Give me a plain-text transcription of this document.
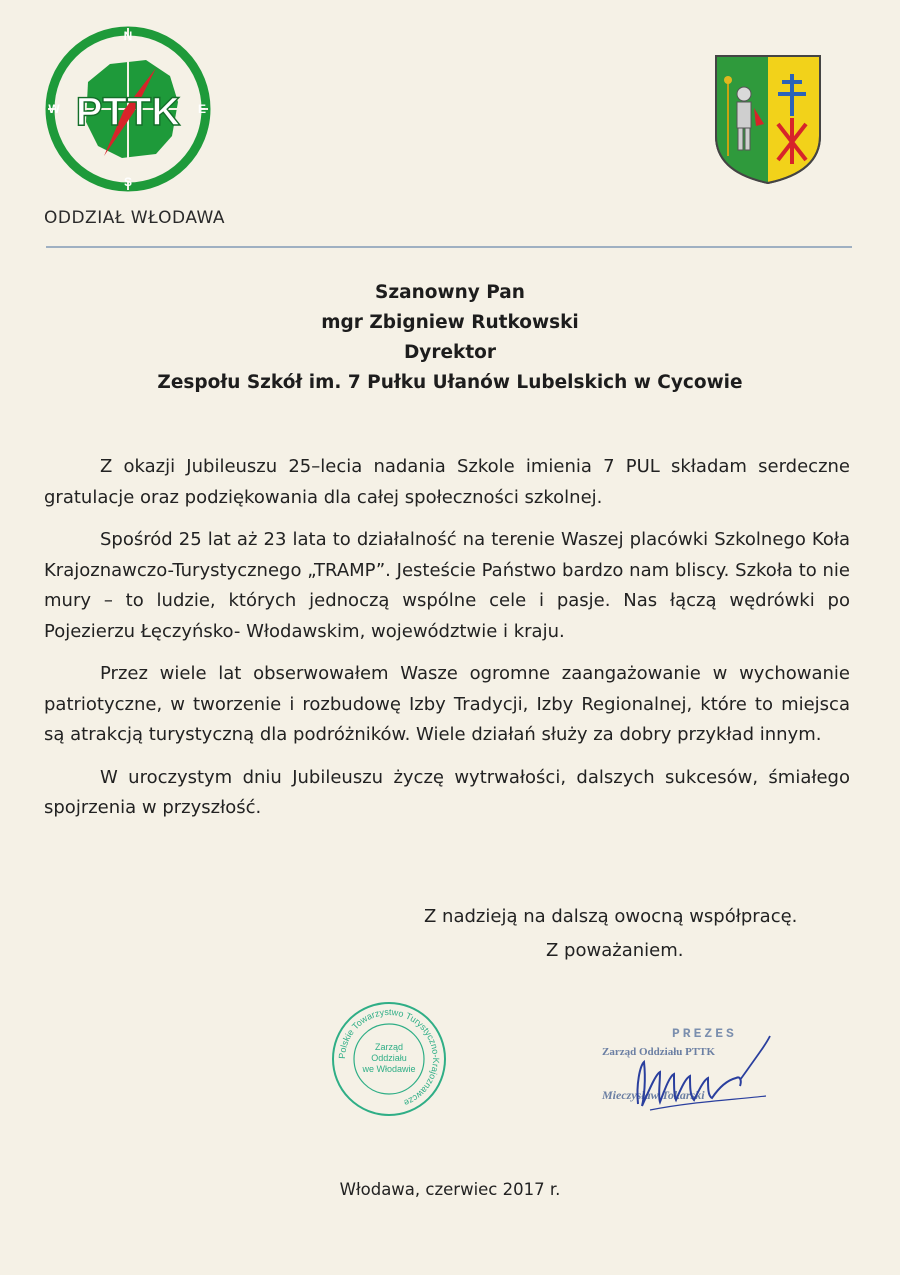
N
S
W	E
PTTK
ODDZIAŁ WŁODAWA
Szanowny Pan
mgr Zbigniew Rutkowski
Dyrektor
Zespołu Szkół im. 7 Pułku Ułanów Lubelskich w Cycowie

Z okazji Jubileuszu 25–lecia nadania Szkole imienia 7 PUL składam serdeczne gratulacje oraz podziękowania dla całej społeczności szkolnej.

Spośród 25 lat aż 23 lata to działalność na terenie Waszej placówki Szkolnego Koła Krajoznawczo-Turystycznego „TRAMP”. Jesteście Państwo bardzo nam bliscy. Szkoła to nie mury – to ludzie, których jednoczą wspólne cele i pasje. Nas łączą wędrówki po Pojezierzu Łęczyńsko- Włodawskim, województwie i kraju.

Przez wiele lat obserwowałem Wasze ogromne zaangażowanie w wychowanie patriotyczne, w tworzenie i rozbudowę Izby Tradycji, Izby Regionalnej, które to miejsca są atrakcją turystyczną dla podróżników. Wiele działań służy za dobry przykład innym.

W uroczystym dniu Jubileuszu życzę wytrwałości, dalszych sukcesów, śmiałego spojrzenia w przyszłość.

Z nadzieją na dalszą owocną współpracę.
Z poważaniem.
Polskie Towarzystwo Turystyczno-Krajoznawcze
Zarząd
Oddziału
we Włodawie
PREZES
Zarząd Oddziału PTTK
Mieczysław Tokarski
Włodawa, czerwiec 2017 r.
